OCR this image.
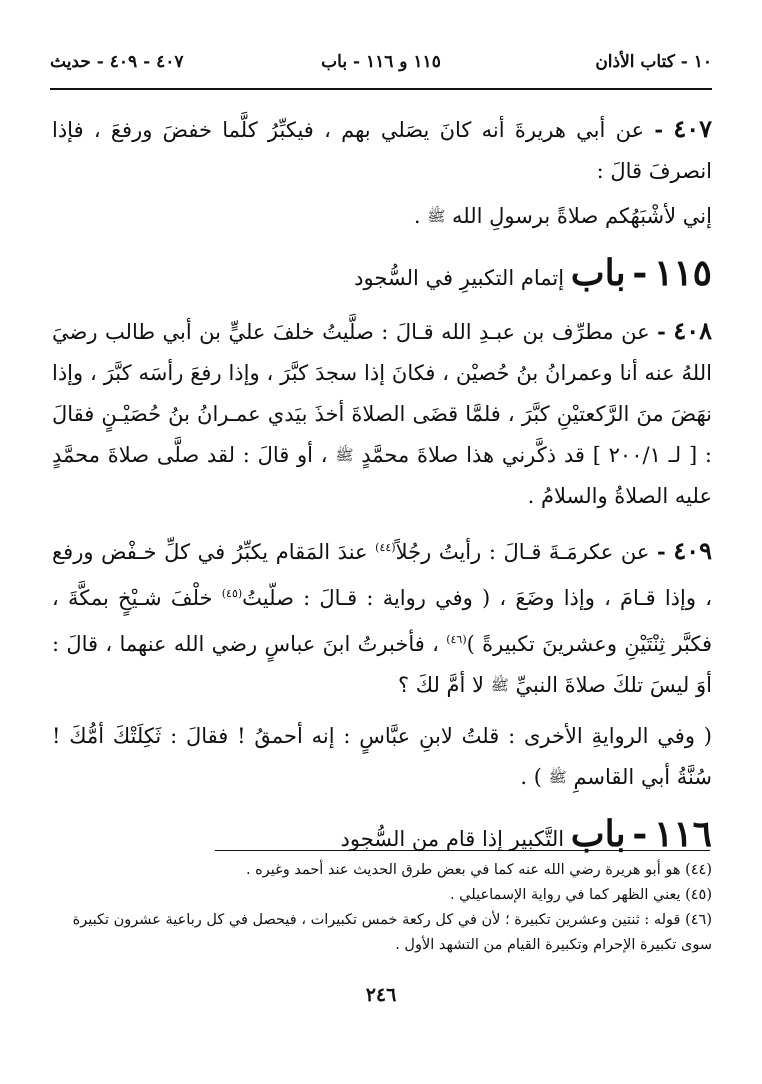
١٠ - كتاب الأذان
١١٥ و ١١٦ - باب
٤٠٧ - ٤٠٩ - حديث

٤٠٧ - عن أبي هريرةَ أنه كانَ يصَلي بهم ، فيكبِّرُ كلَّما خفضَ ورفعَ ، فإذا انصرفَ قالَ :

إني لأشْبَهُكم صلاةً برسولِ الله ﷺ .

١١٥ - باب إتمام التكبيرِ في السُّجود

٤٠٨ - عن مطرِّف بن عبـدِ الله قـالَ : صلَّيتُ خلفَ عليٍّ بن أبي طالب رضيَ اللهُ عنه أنا وعمرانُ بنُ حُصيْن ، فكانَ إذا سجدَ كبَّرَ ، وإذا رفعَ رأسَه كبَّرَ ، وإذا نهَضَ منَ الرَّكعتيْنِ كبَّرَ ، فلمَّا قضَى الصلاةَ أخذَ بيَدي عمـرانُ بنُ حُصَيْـنٍ فقالَ : [ لـ ٢٠٠/١ ] قد ذكَّرني هذا صلاةَ محمَّدٍ ﷺ ، أو قالَ : لقد صلَّى صلاةَ محمَّدٍ عليه الصلاةُ والسلامُ .

٤٠٩ - عن عكرمَـةَ قـالَ : رأيتُ رجُلاً$^{(٤٤)}$ عندَ المَقام يكبِّرُ في كلِّ خـفْض ورفع ، وإذا قـامَ ، وإذا وضَعَ ، ( وفي رواية : قـالَ : صلّيتُ$^{(٤٥)}$ خلْفَ شـيْخٍ بمكَّةَ ، فكبَّر ثِنْتَيْنِ وعشرينَ تكبيرةً )$^{(٤٦)}$ ، فأخبرتُ ابنَ عباسٍ رضي الله عنهما ، قالَ : أوَ ليسَ تلكَ صلاةَ النبيِّ ﷺ لا أمَّ لكَ ؟

( وفي الروايةِ الأخرى : قلتُ لابنِ عبَّاسٍ : إنه أحمقُ ! فقالَ : ثَكِلَتْكَ أمُّكَ ! سُنَّةُ أبي القاسمِ ﷺ ) .

١١٦ - باب التَّكبير إذا قام من السُّجود

(٤٤) هو أبو هريرة رضي الله عنه كما في بعض طرق الحديث عند أحمد وغيره .

(٤٥) يعني الظهر كما في رواية الإسماعيلي .

(٤٦) قوله : ثنتين وعشرين تكبيرة ؛ لأن في كل ركعة خمس تكبيرات ، فيحصل في كل رباعية عشرون تكبيرة سوى تكبيرة الإحرام وتكبيرة القيام من التشهد الأول .

٢٤٦
